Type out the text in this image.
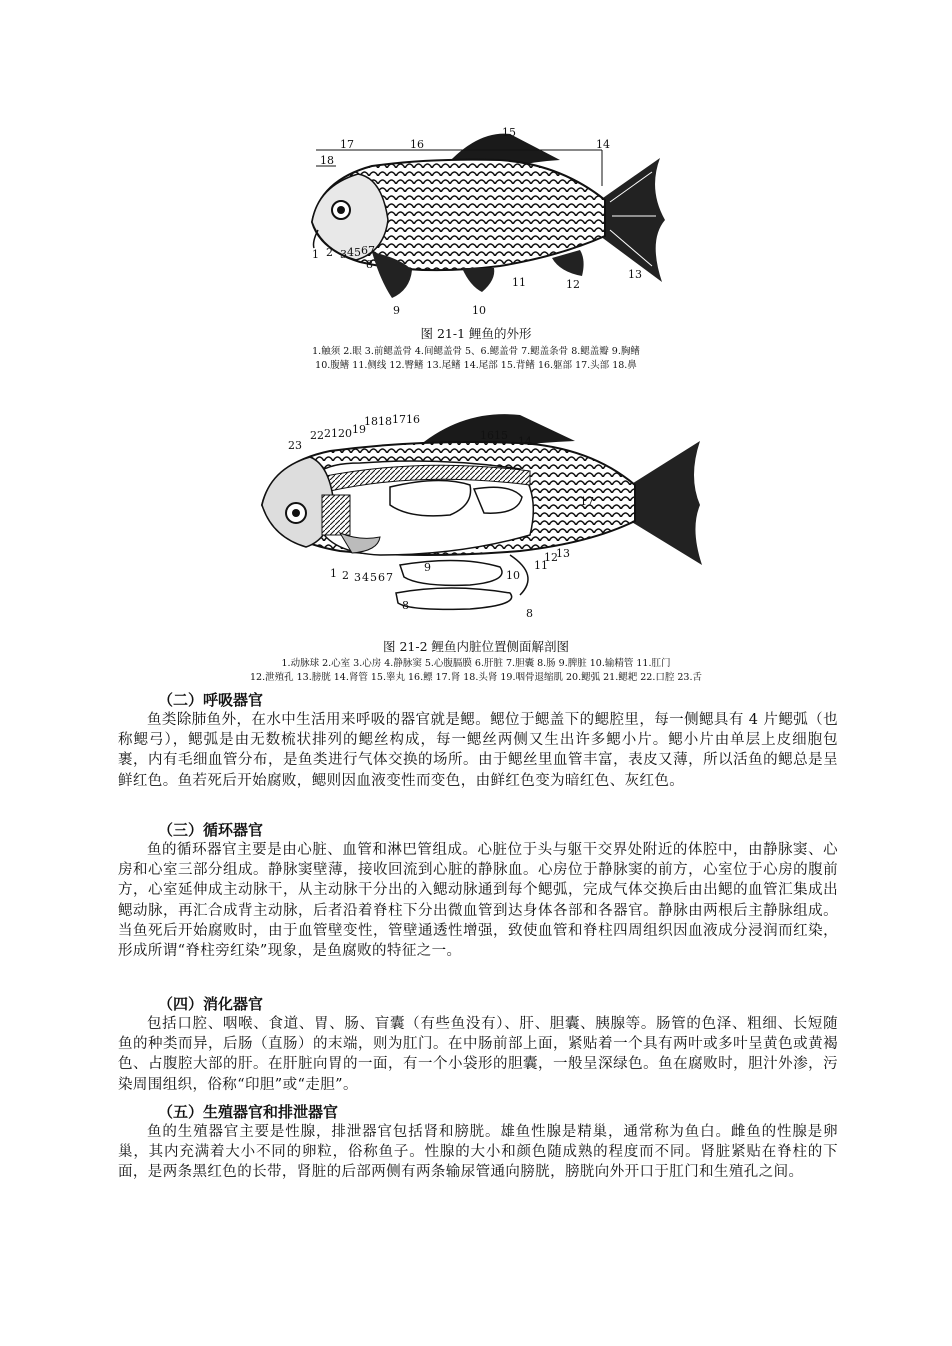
17	16
15
14
18
1 2 3 4 5 6 7
8
9	10
11	12
13
图 21-1 鲤鱼的外形
1.触须 2.眼 3.前鳃盖骨 4.间鳃盖骨 5、6.鳃盖骨 7.鳃盖条骨 8.鳃盖瓣 9.胸鳍
10.腹鳍 11.侧线 12.臀鳍 13.尾鳍 14.尾部 15.背鳍 16.躯部 17.头部 18.鼻
23
22 21 20 19
18 18 17 16
16 15 14
1 2 3 4 5 6 7
8
8
9
10
11
12
13
17
图 21-2 鲤鱼内脏位置侧面解剖图
1.动脉球 2.心室 3.心房 4.静脉窦 5.心腹膈膜 6.肝脏 7.胆囊 8.肠 9.脾脏 10.输精管 11.肛门
12.泄殖孔 13.膀胱 14.肾管 15.睾丸 16.鳔 17.肾 18.头肾 19.咽骨退缩肌 20.鳃弧 21.鳃耙 22.口腔 23.舌

（二）呼吸器官

鱼类除肺鱼外，在水中生活用来呼吸的器官就是鳃。鳃位于鳃盖下的鳃腔里，每一侧鳃具有 4 片鳃弧（也称鳃弓），鳃弧是由无数梳状排列的鳃丝构成，每一鳃丝两侧又生出许多鳃小片。鳃小片由单层上皮细胞包裹，内有毛细血管分布，是鱼类进行气体交换的场所。由于鳃丝里血管丰富，表皮又薄，所以活鱼的鳃总是呈鲜红色。鱼若死后开始腐败，鳃则因血液变性而变色，由鲜红色变为暗红色、灰红色。

（三）循环器官

鱼的循环器官主要是由心脏、血管和淋巴管组成。心脏位于头与躯干交界处附近的体腔中，由静脉窦、心房和心室三部分组成。静脉窦壁薄，接收回流到心脏的静脉血。心房位于静脉窦的前方，心室位于心房的腹前方，心室延伸成主动脉干，从主动脉干分出的入鳃动脉通到每个鳃弧，完成气体交换后由出鳃的血管汇集成出鳃动脉，再汇合成背主动脉，后者沿着脊柱下分出微血管到达身体各部和各器官。静脉由两根后主静脉组成。当鱼死后开始腐败时，由于血管壁变性，管壁通透性增强，致使血管和脊柱四周组织因血液成分浸润而红染，形成所谓“脊柱旁红染”现象，是鱼腐败的特征之一。

（四）消化器官

包括口腔、咽喉、食道、胃、肠、盲囊（有些鱼没有）、肝、胆囊、胰腺等。肠管的色泽、粗细、长短随鱼的种类而异，后肠（直肠）的末端，则为肛门。在中肠前部上面，紧贴着一个具有两叶或多叶呈黄色或黄褐色、占腹腔大部的肝。在肝脏向胃的一面，有一个小袋形的胆囊，一般呈深绿色。鱼在腐败时，胆汁外渗，污染周围组织，俗称“印胆”或“走胆”。

（五）生殖器官和排泄器官

鱼的生殖器官主要是性腺，排泄器官包括肾和膀胱。雄鱼性腺是精巢，通常称为鱼白。雌鱼的性腺是卵巢，其内充满着大小不同的卵粒，俗称鱼子。性腺的大小和颜色随成熟的程度而不同。肾脏紧贴在脊柱的下面，是两条黑红色的长带，肾脏的后部两侧有两条输尿管通向膀胱，膀胱向外开口于肛门和生殖孔之间。
